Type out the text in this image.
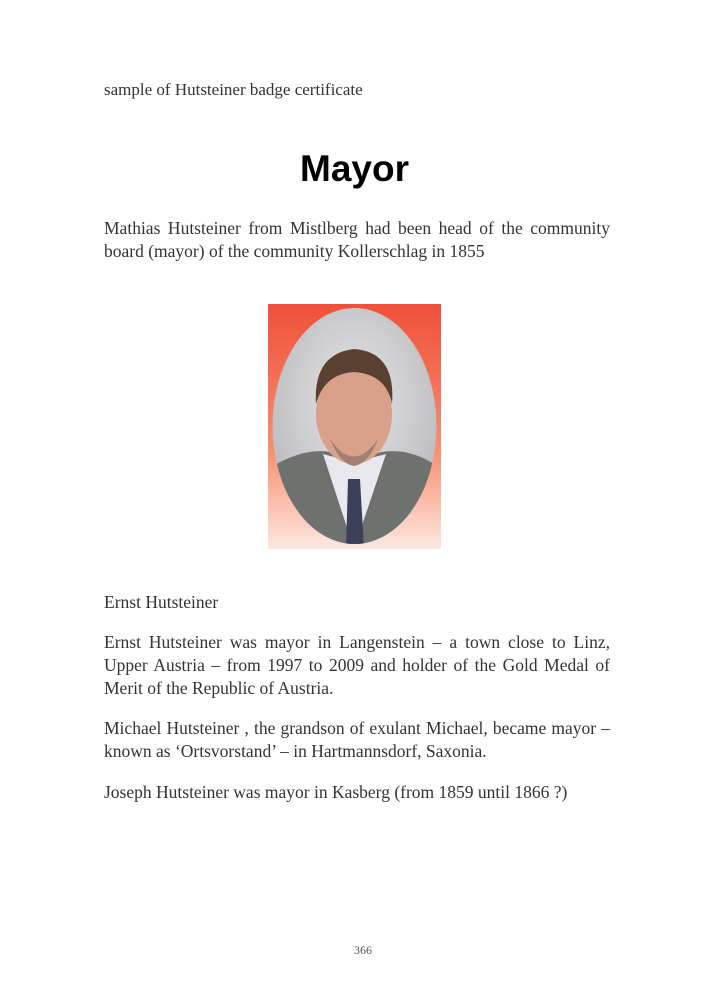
sample of Hutsteiner badge certificate
Mayor
Mathias Hutsteiner from Mistlberg had been head of the community board (mayor) of the community Kollerschlag in 1855
Ernst Hutsteiner
Ernst Hutsteiner was mayor in Langenstein – a town close to Linz, Upper Austria – from 1997 to 2009 and holder of the Gold Medal of Merit of the Republic of Austria.
Michael Hutsteiner , the grandson of exulant Michael, became mayor – known as ‘Ortsvorstand’ – in Hartmannsdorf, Saxonia.
Joseph Hutsteiner was mayor in Kasberg (from 1859 until 1866 ?)
366
